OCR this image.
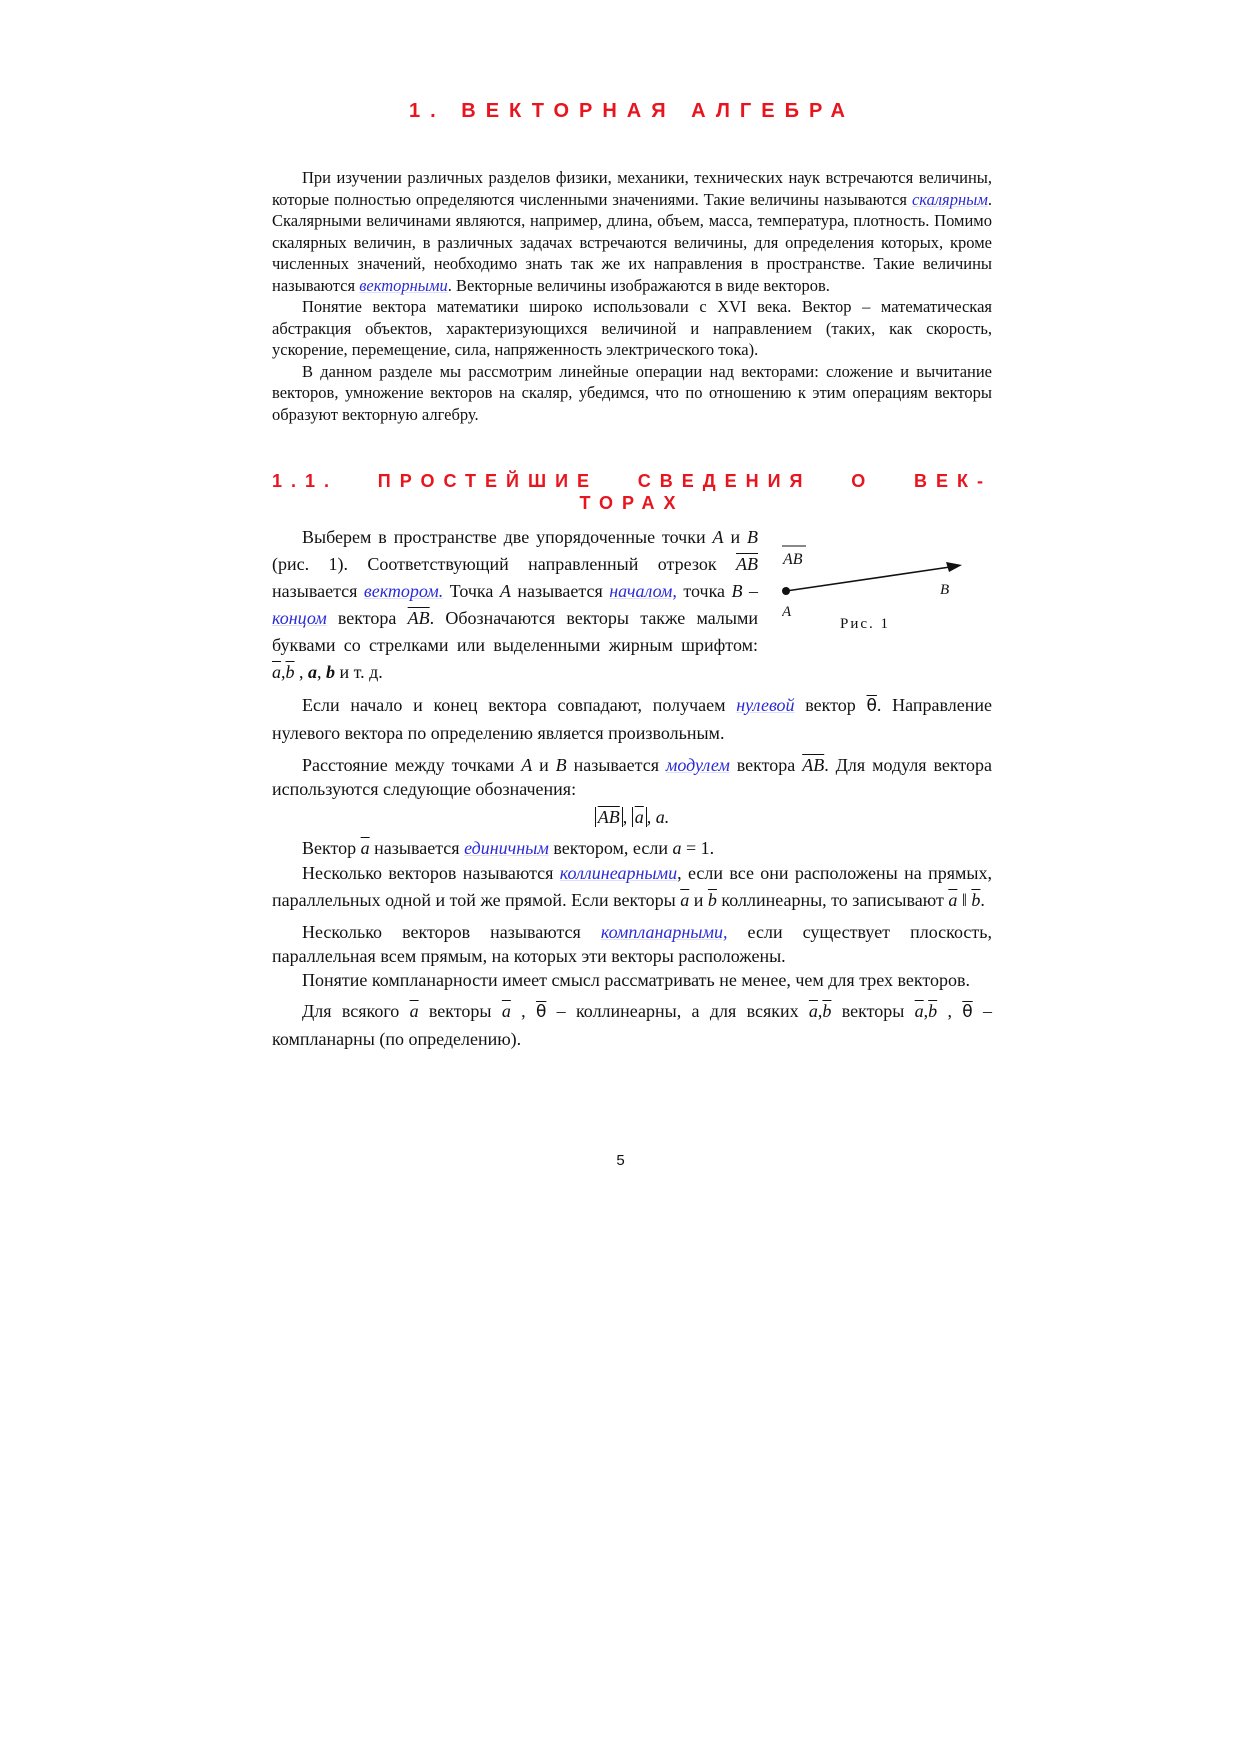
1. ВЕКТОРНАЯ АЛГЕБРА

При изучении различных разделов физики, механики, технических наук встречаются величины, которые полностью определяются численными значениями. Такие величины называются скалярным. Скалярными величинами являются, например, длина, объем, масса, температура, плотность. Помимо скалярных величин, в различных задачах встречаются величины, для определения которых, кроме численных значений, необходимо знать так же их направления в пространстве. Такие величины называются векторными. Векторные величины изображаются в виде векторов.

Понятие вектора математики широко использовали с XVI века. Вектор – математическая абстракция объектов, характеризующихся величиной и направлением (таких, как скорость, ускорение, перемещение, сила, напряженность электрического тока).

В данном разделе мы рассмотрим линейные операции над векторами: сложение и вычитание векторов, умножение векторов на скаляр, убедимся, что по отношению к этим операциям векторы образуют векторную алгебру.

1.1. ПРОСТЕЙШИЕ СВЕДЕНИЯ О ВЕК-
ТОРАХ

Выберем в пространстве две упорядоченные точки A и B (рис. 1). Соответствующий направленный отрезок $\overline{AB}$ называется вектором. Точка A называется началом, точка B – концом вектора $\overline{AB}$. Обозначаются векторы также малыми буквами со стрелками или выделенными жирным шрифтом: $\overline{a},\overline{b}$ , a, b и т. д.

AB
A
B
Рис. 1

Если начало и конец вектора совпадают, получаем нулевой вектор $\overline{\theta}$. Направление нулевого вектора по определению является произвольным.

Расстояние между точками A и B называется модулем вектора $\overline{AB}$. Для модуля вектора используются следующие обозначения:

$\overline{AB}$ , $\overline{a}$ , a.

Вектор $\overline{a}$ называется единичным вектором, если a = 1.

Несколько векторов называются коллинеарными, если все они расположены на прямых, параллельных одной и той же прямой. Если векторы $\overline{a}$ и $\overline{b}$ коллинеарны, то записывают $\overline{a}$ ‖ $\overline{b}$.

Несколько векторов называются компланарными, если существует плоскость, параллельная всем прямым, на которых эти векторы расположены.

Понятие компланарности имеет смысл рассматривать не менее, чем для трех векторов.

Для всякого $\overline{a}$ векторы $\overline{a}$ , $\overline{\theta}$ – коллинеарны, а для всяких $\overline{a},\overline{b}$ векторы $\overline{a},\overline{b}$ , $\overline{\theta}$ – компланарны (по определению).

5
